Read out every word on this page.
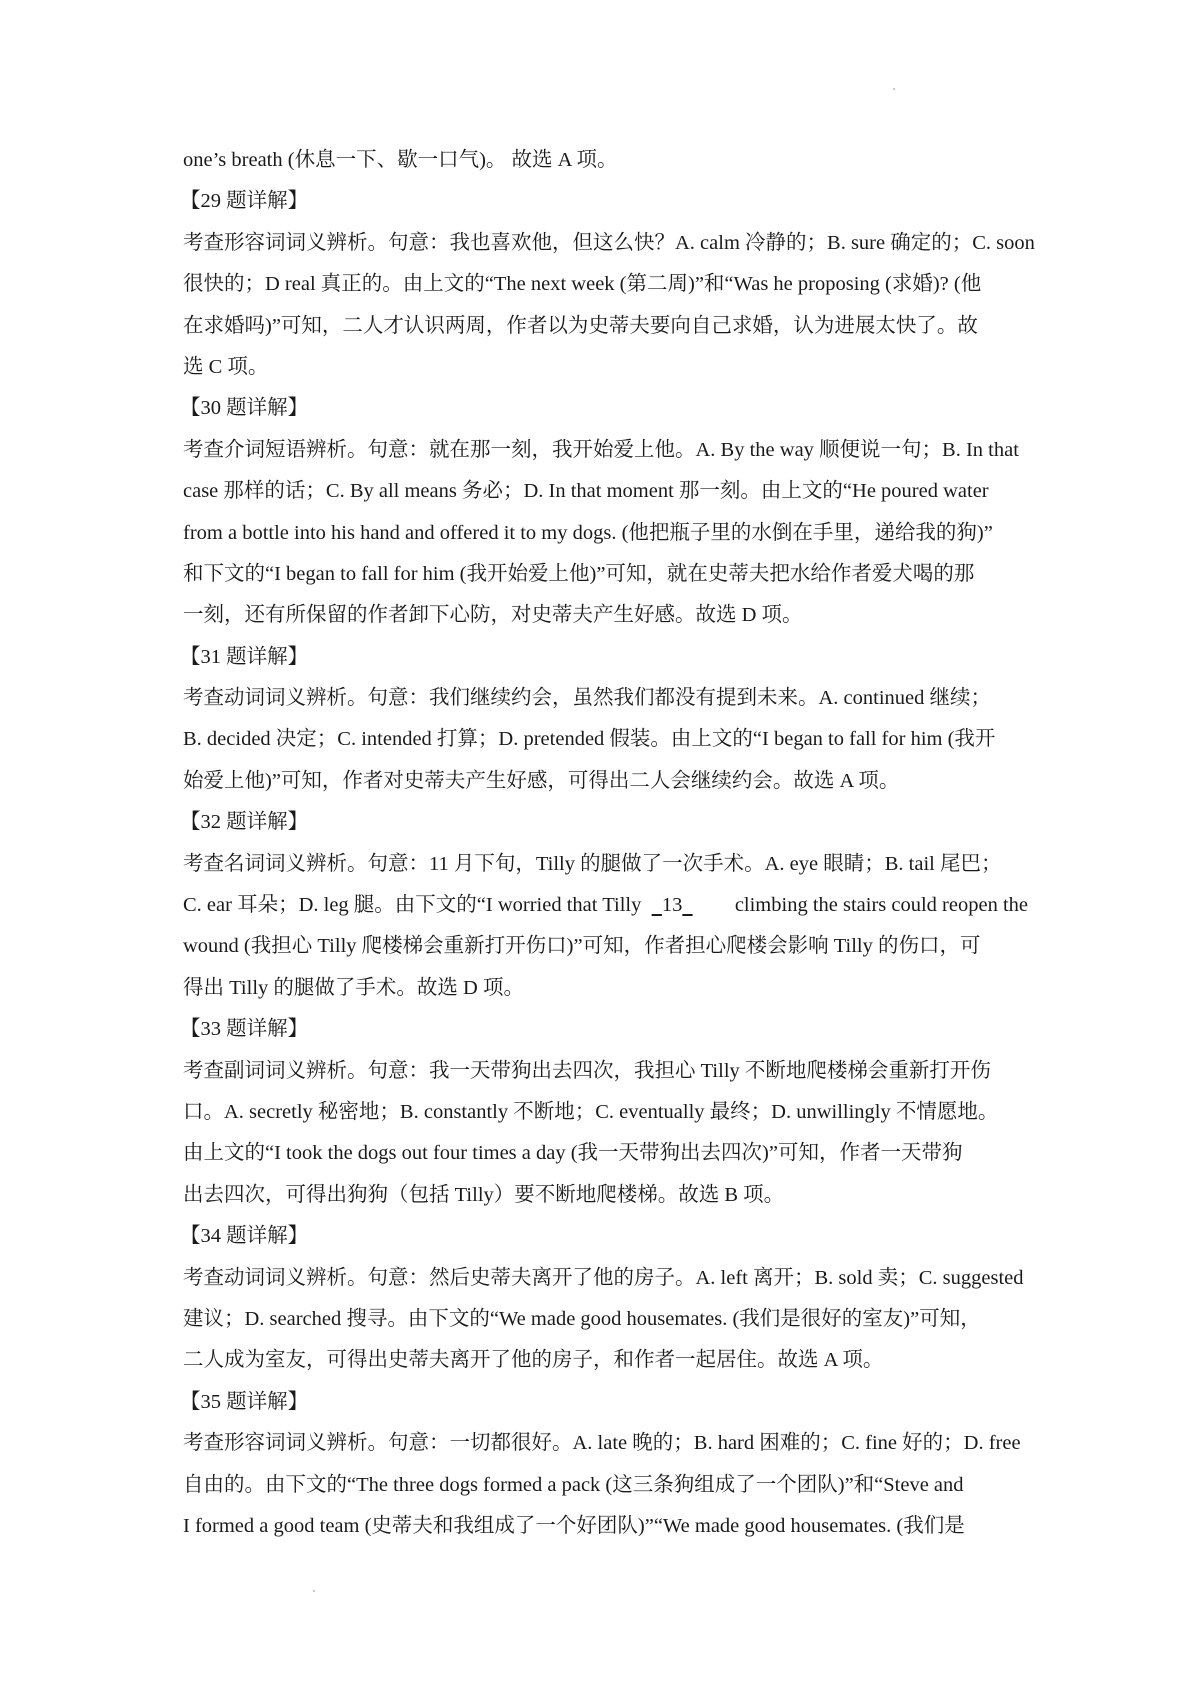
one’s breath (休息一下、歇一口气)。 故选 A 项。
【29 题详解】
考查形容词词义辨析。句意：我也喜欢他，但这么快？A. calm 冷静的；B. sure 确定的；C. soon
很快的；D real 真正的。由上文的“The next week (第二周)”和“Was he proposing (求婚)? (他
在求婚吗)”可知，二人才认识两周，作者以为史蒂夫要向自己求婚，认为进展太快了。故
选 C 项。
【30 题详解】
考查介词短语辨析。句意：就在那一刻，我开始爱上他。A. By the way 顺便说一句；B. In that
case 那样的话；C. By all means 务必；D. In that moment 那一刻。由上文的“He poured water
from a bottle into his hand and offered it to my dogs. (他把瓶子里的水倒在手里，递给我的狗)”
和下文的“I began to fall for him (我开始爱上他)”可知，就在史蒂夫把水给作者爱犬喝的那
一刻，还有所保留的作者卸下心防，对史蒂夫产生好感。故选 D 项。
【31 题详解】
考查动词词义辨析。句意：我们继续约会，虽然我们都没有提到未来。A. continued 继续；
B. decided 决定；C. intended 打算；D. pretended 假装。由上文的“I began to fall for him (我开
始爱上他)”可知，作者对史蒂夫产生好感，可得出二人会继续约会。故选 A 项。
【32 题详解】
考查名词词义辨析。句意：11 月下旬，Tilly 的腿做了一次手术。A. eye 眼睛；B. tail 尾巴；
C. ear 耳朵；D. leg 腿。由下文的“I worried that Tilly    13	climbing the stairs could reopen the
wound (我担心 Tilly 爬楼梯会重新打开伤口)”可知，作者担心爬楼会影响 Tilly 的伤口，可
得出 Tilly 的腿做了手术。故选 D 项。
【33 题详解】
考查副词词义辨析。句意：我一天带狗出去四次，我担心 Tilly 不断地爬楼梯会重新打开伤
口。A. secretly 秘密地；B. constantly 不断地；C. eventually 最终；D. unwillingly 不情愿地。
由上文的“I took the dogs out four times a day (我一天带狗出去四次)”可知，作者一天带狗
出去四次，可得出狗狗（包括 Tilly）要不断地爬楼梯。故选 B 项。
【34 题详解】
考查动词词义辨析。句意：然后史蒂夫离开了他的房子。A. left 离开；B. sold 卖；C. suggested
建议；D. searched 搜寻。由下文的“We made good housemates. (我们是很好的室友)”可知，
二人成为室友，可得出史蒂夫离开了他的房子，和作者一起居住。故选 A 项。
【35 题详解】
考查形容词词义辨析。句意：一切都很好。A. late 晚的；B. hard 困难的；C. fine 好的；D. free
自由的。由下文的“The three dogs formed a pack (这三条狗组成了一个团队)”和“Steve and
I formed a good team (史蒂夫和我组成了一个好团队)”“We made good housemates. (我们是
